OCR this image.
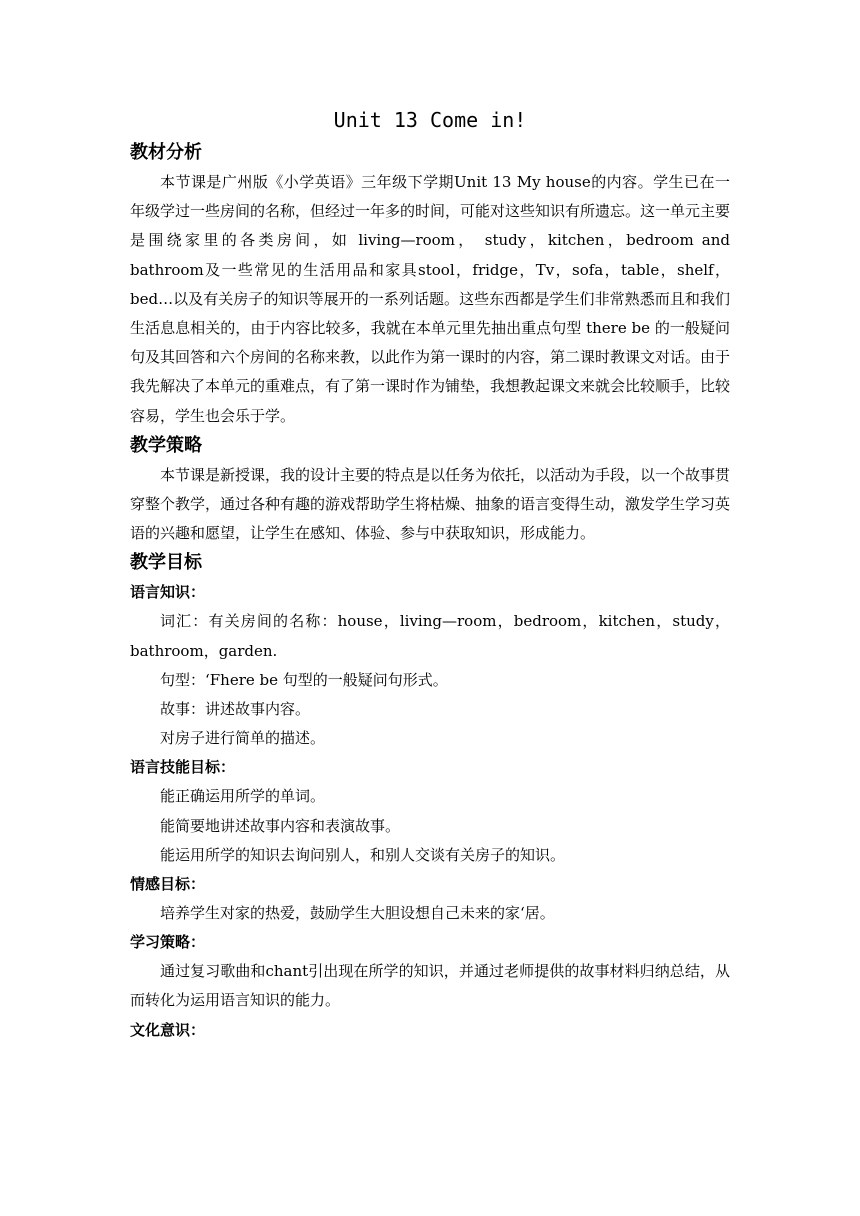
Unit 13 Come in!
教材分析

本节课是广州版《小学英语》三年级下学期Unit 13 My house的内容。学生已在一年级学过一些房间的名称，但经过一年多的时间，可能对这些知识有所遗忘。这一单元主要是围绕家里的各类房间，如 living—room， study，kitchen，bedroom and bathroom及一些常见的生活用品和家具stool，fridge，Tv，sofa，table，shelf，bed…以及有关房子的知识等展开的一系列话题。这些东西都是学生们非常熟悉而且和我们生活息息相关的，由于内容比较多，我就在本单元里先抽出重点句型 there be 的一般疑问句及其回答和六个房间的名称来教，以此作为第一课时的内容，第二课时教课文对话。由于我先解决了本单元的重难点，有了第一课时作为铺垫，我想教起课文来就会比较顺手，比较容易，学生也会乐于学。

教学策略

本节课是新授课，我的设计主要的特点是以任务为依托，以活动为手段，以一个故事贯穿整个教学，通过各种有趣的游戏帮助学生将枯燥、抽象的语言变得生动，激发学生学习英语的兴趣和愿望，让学生在感知、体验、参与中获取知识，形成能力。

教学目标
语言知识：

词汇：有关房间的名称：house，living—room，bedroom，kitchen，study，bathroom，garden.

句型：‘Fhere be 句型的一般疑问句形式。

故事：讲述故事内容。

对房子进行简单的描述。

语言技能目标：

能正确运用所学的单词。

能简要地讲述故事内容和表演故事。

能运用所学的知识去询问别人，和别人交谈有关房子的知识。

情感目标：

培养学生对家的热爱，鼓励学生大胆设想自己未来的家‘居。

学习策略：

通过复习歌曲和chant引出现在所学的知识，并通过老师提供的故事材料归纳总结，从而转化为运用语言知识的能力。

文化意识：
